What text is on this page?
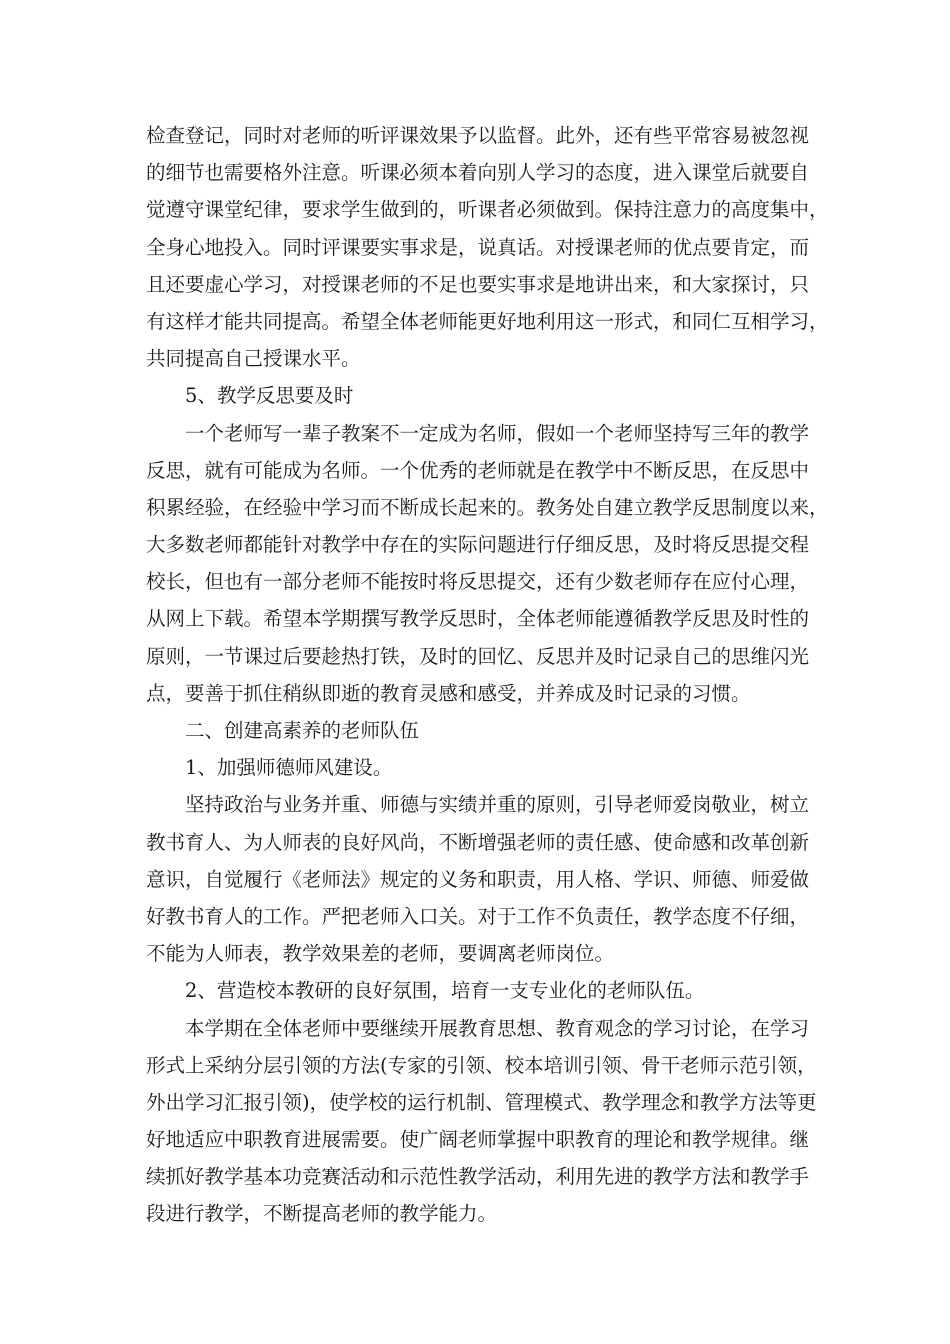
检查登记，同时对老师的听评课效果予以监督。此外，还有些平常容易被忽视
的细节也需要格外注意。听课必须本着向别人学习的态度，进入课堂后就要自
觉遵守课堂纪律，要求学生做到的，听课者必须做到。保持注意力的高度集中，
全身心地投入。同时评课要实事求是，说真话。对授课老师的优点要肯定，而
且还要虚心学习，对授课老师的不足也要实事求是地讲出来，和大家探讨，只
有这样才能共同提高。希望全体老师能更好地利用这一形式，和同仁互相学习，
共同提高自己授课水平。
5、教学反思要及时
一个老师写一辈子教案不一定成为名师，假如一个老师坚持写三年的教学
反思，就有可能成为名师。一个优秀的老师就是在教学中不断反思，在反思中
积累经验，在经验中学习而不断成长起来的。教务处自建立教学反思制度以来，
大多数老师都能针对教学中存在的实际问题进行仔细反思，及时将反思提交程
校长，但也有一部分老师不能按时将反思提交，还有少数老师存在应付心理，
从网上下载。希望本学期撰写教学反思时，全体老师能遵循教学反思及时性的
原则，一节课过后要趁热打铁，及时的回忆、反思并及时记录自己的思维闪光
点，要善于抓住稍纵即逝的教育灵感和感受，并养成及时记录的习惯。
二、创建高素养的老师队伍
1、加强师德师风建设。
坚持政治与业务并重、师德与实绩并重的原则，引导老师爱岗敬业，树立
教书育人、为人师表的良好风尚，不断增强老师的责任感、使命感和改革创新
意识，自觉履行《老师法》规定的义务和职责，用人格、学识、师德、师爱做
好教书育人的工作。严把老师入口关。对于工作不负责任，教学态度不仔细，
不能为人师表，教学效果差的老师，要调离老师岗位。
2、营造校本教研的良好氛围，培育一支专业化的老师队伍。
本学期在全体老师中要继续开展教育思想、教育观念的学习讨论，在学习
形式上采纳分层引领的方法(专家的引领、校本培训引领、骨干老师示范引领，
外出学习汇报引领)，使学校的运行机制、管理模式、教学理念和教学方法等更
好地适应中职教育进展需要。使广阔老师掌握中职教育的理论和教学规律。继
续抓好教学基本功竞赛活动和示范性教学活动，利用先进的教学方法和教学手
段进行教学，不断提高老师的教学能力。
